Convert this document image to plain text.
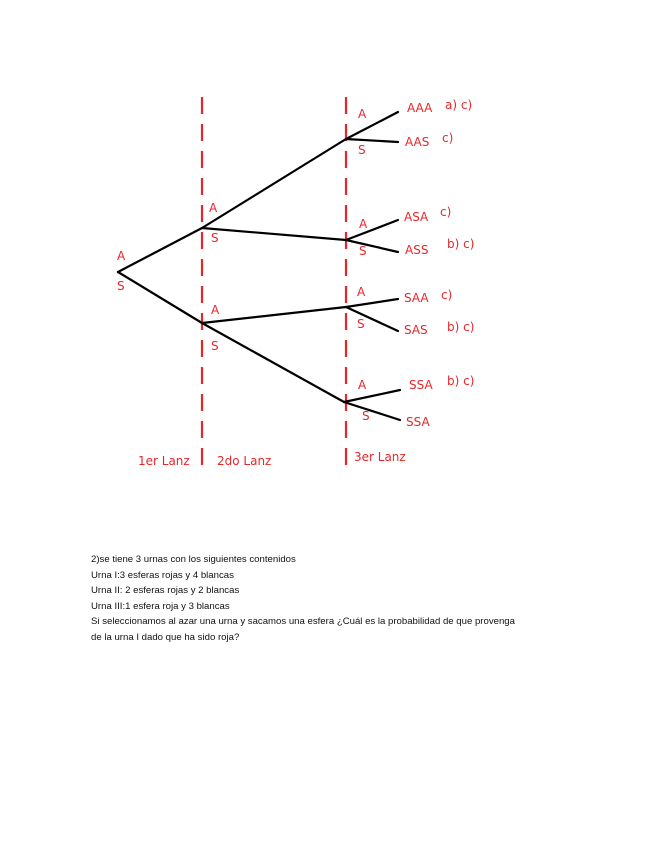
A
S
A
S
A
S
A
S
A
S
A
S
A
S
AAA a) c)
AAS c)
ASA c)
ASS b) c)
SAA c)
SAS b) c)
SSA b) c)
SSA
1er Lanz 2do Lanz	3er Lanz

2)se tiene 3 urnas con los siguientes contenidos

Urna I:3 esferas rojas y 4 blancas

Urna II: 2 esferas rojas y 2 blancas

Urna III:1 esfera roja y 3 blancas

Si seleccionamos al azar una urna y sacamos una esfera ¿Cuál es la probabilidad de que provenga

de la urna I dado que ha sido roja?
